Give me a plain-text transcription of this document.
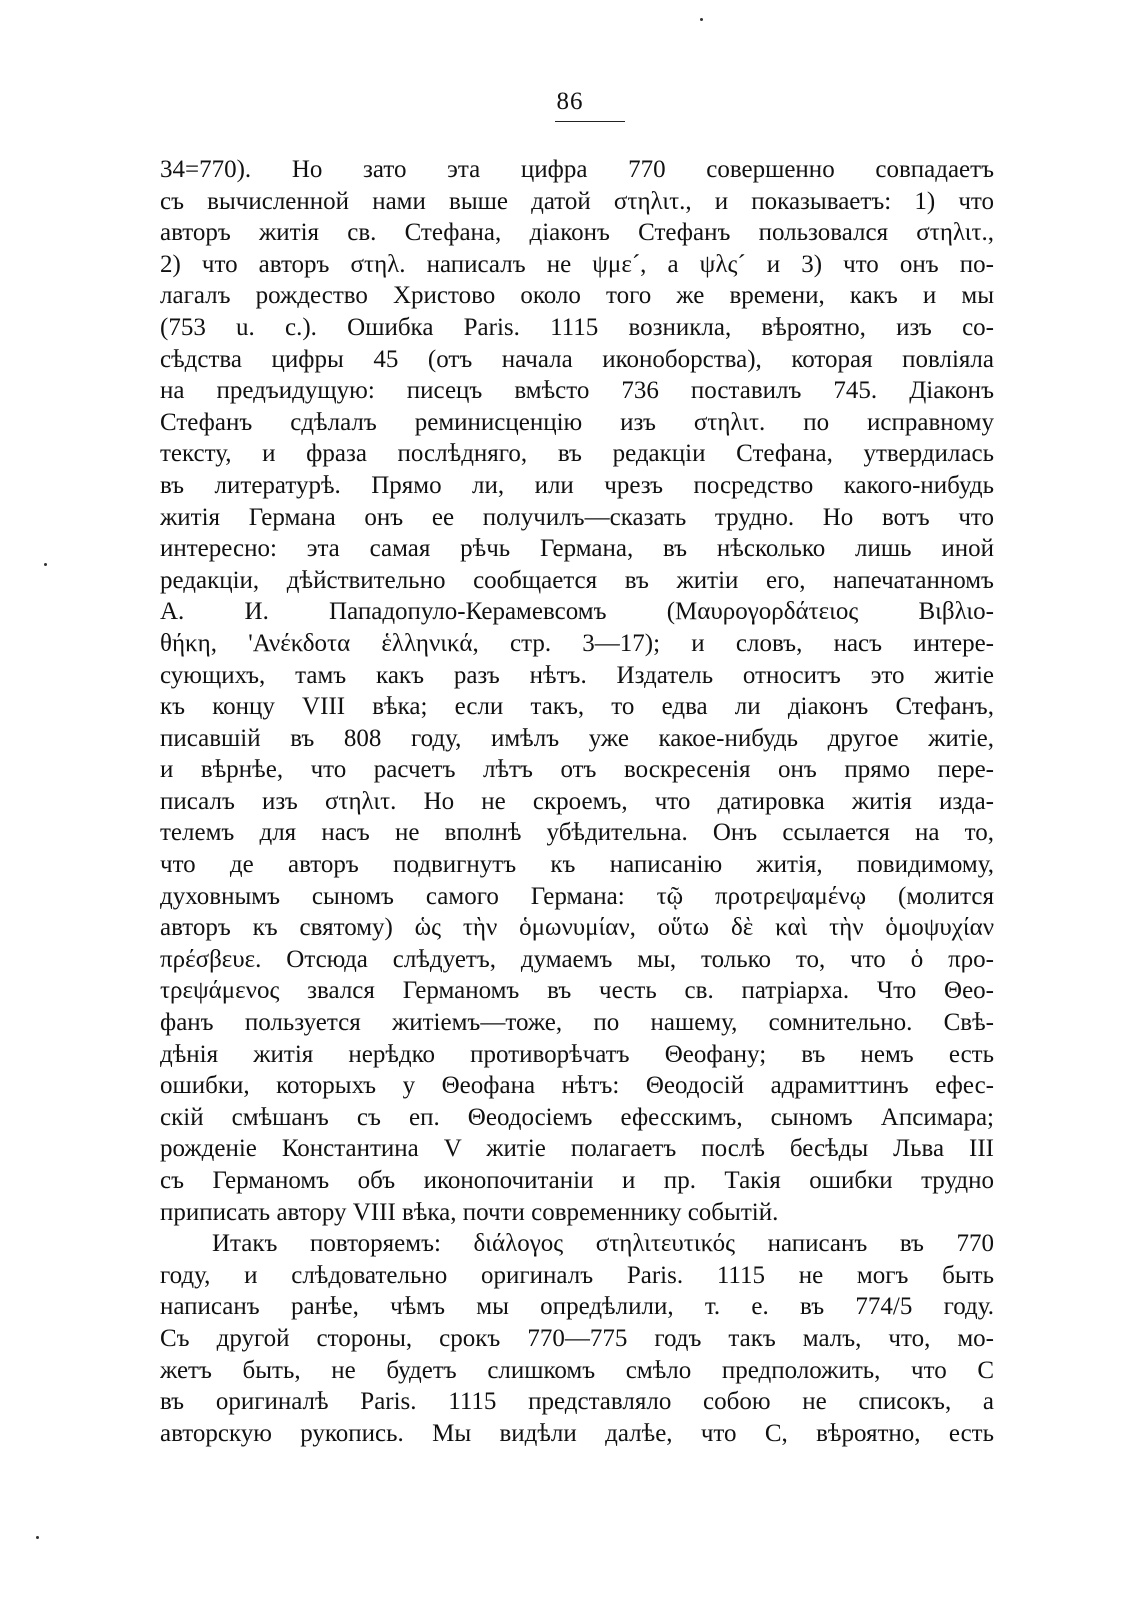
86
34=770). Но зато эта цифра 770 совершенно совпадаетъ
съ вычисленной нами выше датой στηλιτ., и показываетъ: 1) что
авторъ житія св. Стефана, діаконъ Стефанъ пользовался στηλιτ.,
2) что авторъ στηλ. написалъ не ψμε´, а ψλς´ и 3) что онъ по-
лагалъ рождество Христово около того же времени, какъ и мы
(753 u. c.). Ошибка Paris. 1115 возникла, вѣроятно, изъ со-
сѣдства цифры 45 (отъ начала иконоборства), которая повліяла
на предъидущую: писецъ вмѣсто 736 поставилъ 745. Діаконъ
Стефанъ сдѣлалъ реминисценцію изъ στηλιτ. по исправному
тексту, и фраза послѣдняго, въ редакціи Стефана, утвердилась
въ литературѣ. Прямо ли, или чрезъ посредство какого-нибудь
житія Германа онъ ее получилъ—сказать трудно. Но вотъ что
интересно: эта самая рѣчь Германа, въ нѣсколько лишь иной
редакціи, дѣйствительно сообщается въ житіи его, напечатанномъ
А. И. Пападопуло-Керамевсомъ (Μαυρογορδάτειος Βιβλιο-
θήκη, 'Ανέκδοτα ἑλληνικά, стр. 3—17); и словъ, насъ интере-
сующихъ, тамъ какъ разъ нѣтъ. Издатель относитъ это житіе
къ концу VIII вѣка; если такъ, то едва ли діаконъ Стефанъ,
писавшій въ 808 году, имѣлъ уже какое-нибудь другое житіе,
и вѣрнѣе, что расчетъ лѣтъ отъ воскресенія онъ прямо пере-
писалъ изъ στηλιτ. Но не скроемъ, что датировка житія изда-
телемъ для насъ не вполнѣ убѣдительна. Онъ ссылается на то,
что де авторъ подвигнутъ къ написанію житія, повидимому,
духовнымъ сыномъ самого Германа: τῷ προτρεψαμένῳ (молится
авторъ къ святому) ὡς τὴν ὁμωνυμίαν, οὕτω δὲ καὶ τὴν ὁμοψυχίαν
πρέσβευε. Отсюда слѣдуетъ, думаемъ мы, только то, что ὁ προ-
τρεψάμενος звался Германомъ въ честь св. патріарха. Что Θео-
фанъ пользуется житіемъ—тоже, по нашему, сомнительно. Свѣ-
дѣнія житія нерѣдко противорѣчатъ Θеофану; въ немъ есть
ошибки, которыхъ у Θеофана нѣтъ: Θеодосій адрамиттинъ ефес-
скій смѣшанъ съ еп. Θеодосіемъ ефесскимъ, сыномъ Апсимара;
рожденіе Константина V житіе полагаетъ послѣ бесѣды Льва III
съ Германомъ объ иконопочитаніи и пр. Такія ошибки трудно
приписать автору VIII вѣка, почти современнику событій.
Итакъ повторяемъ: διάλογος στηλιτευτικός написанъ въ 770
году, и слѣдовательно оригиналъ Paris. 1115 не могъ быть
написанъ ранѣе, чѣмъ мы опредѣлили, т. е. въ 774/5 году.
Съ другой стороны, срокъ 770—775 годъ такъ малъ, что, мо-
жетъ быть, не будетъ слишкомъ смѣло предположить, что С
въ оригиналѣ Paris. 1115 представляло собою не списокъ, а
авторскую рукопись. Мы видѣли далѣе, что С, вѣроятно, есть
